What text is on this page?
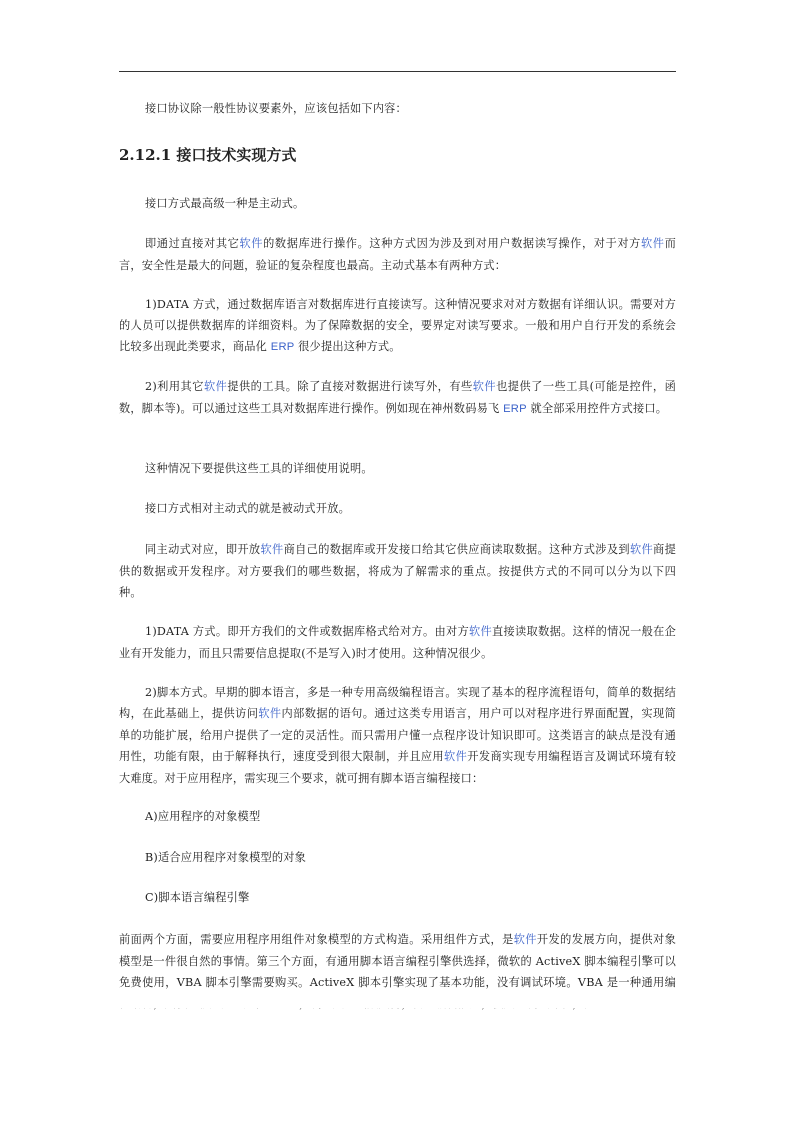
接口协议除一般性协议要素外，应该包括如下内容：

2.12.1 接口技术实现方式

接口方式最高级一种是主动式。

即通过直接对其它软件的数据库进行操作。这种方式因为涉及到对用户数据读写操作，对于对方软件而言，安全性是最大的问题，验证的复杂程度也最高。主动式基本有两种方式：

1)DATA 方式，通过数据库语言对数据库进行直接读写。这种情况要求对对方数据有详细认识。需要对方的人员可以提供数据库的详细资料。为了保障数据的安全，要界定对读写要求。一般和用户自行开发的系统会比较多出现此类要求，商品化 ERP 很少提出这种方式。

2)利用其它软件提供的工具。除了直接对数据进行读写外，有些软件也提供了一些工具(可能是控件，函数，脚本等)。可以通过这些工具对数据库进行操作。例如现在神州数码易飞 ERP 就全部采用控件方式接口。

这种情况下要提供这些工具的详细使用说明。

接口方式相对主动式的就是被动式开放。

同主动式对应，即开放软件商自己的数据库或开发接口给其它供应商读取数据。这种方式涉及到软件商提供的数据或开发程序。对方要我们的哪些数据，将成为了解需求的重点。按提供方式的不同可以分为以下四种。

1)DATA 方式。即开方我们的文件或数据库格式给对方。由对方软件直接读取数据。这样的情况一般在企业有开发能力，而且只需要信息提取(不是写入)时才使用。这种情况很少。

2)脚本方式。早期的脚本语言，多是一种专用高级编程语言。实现了基本的程序流程语句，简单的数据结构，在此基础上，提供访问软件内部数据的语句。通过这类专用语言，用户可以对程序进行界面配置，实现简单的功能扩展，给用户提供了一定的灵活性。而只需用户懂一点程序设计知识即可。这类语言的缺点是没有通用性，功能有限，由于解释执行，速度受到很大限制，并且应用软件开发商实现专用编程语言及调试环境有较大难度。对于应用程序，需实现三个要求，就可拥有脚本语言编程接口：

A)应用程序的对象模型

B)适合应用程序对象模型的对象

C)脚本语言编程引擎

前面两个方面，需要应用程序用组件对象模型的方式构造。采用组件方式，是软件开发的发展方向，提供对象模型是一件很自然的事情。第三个方面，有通用脚本语言编程引擎供选择，微软的 ActiveX 脚本编程引擎可以免费使用，VBA 脚本引擎需要购买。ActiveX 脚本引擎实现了基本功能，没有调试环境。VBA 是一种通用编
